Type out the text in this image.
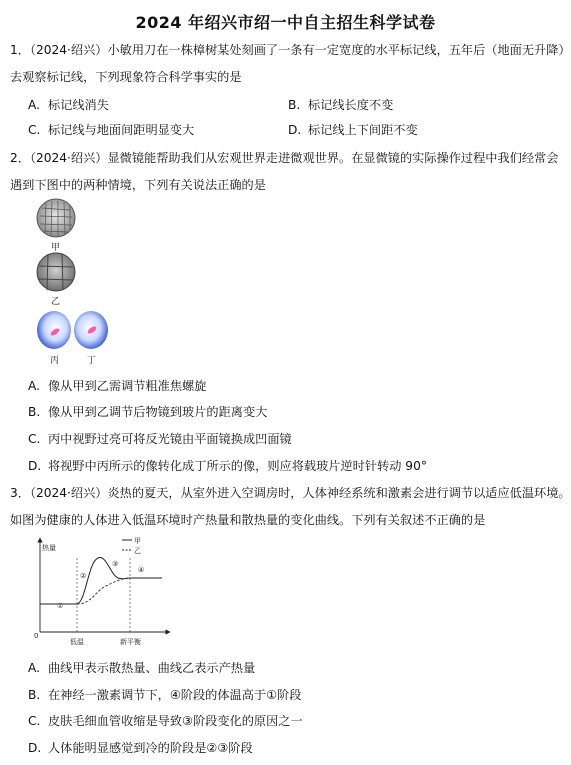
2024 年绍兴市绍一中自主招生科学试卷
1．（2024·绍兴）小敏用刀在一株樟树某处刻画了一条有一定宽度的水平标记线，五年后（地面无升降）
去观察标记线，下列现象符合科学事实的是
A. 标记线消失	B. 标记线长度不变
C. 标记线与地面间距明显变大	D. 标记线上下间距不变
2．（2024·绍兴）显微镜能帮助我们从宏观世界走进微观世界。在显微镜的实际操作过程中我们经常会
遇到下图中的两种情境，下列有关说法正确的是
甲
乙
丙	丁
A. 像从甲到乙需调节粗准焦螺旋
B. 像从甲到乙调节后物镜到玻片的距离变大
C. 丙中视野过亮可将反光镜由平面镜换成凹面镜
D. 将视野中丙所示的像转化成丁所示的像，则应将载玻片逆时针转动 90°
3．（2024·绍兴）炎热的夏天，从室外进入空调房时，人体神经系统和激素会进行调节以适应低温环境。
如图为健康的人体进入低温环境时产热量和散热量的变化曲线。下列有关叙述不正确的是
热量
0
低温	新平衡
甲
乙
①
②
③
④
A. 曲线甲表示散热量、曲线乙表示产热量
B. 在神经一激素调节下，④阶段的体温高于①阶段
C. 皮肤毛细血管收缩是导致③阶段变化的原因之一
D. 人体能明显感觉到冷的阶段是②③阶段
